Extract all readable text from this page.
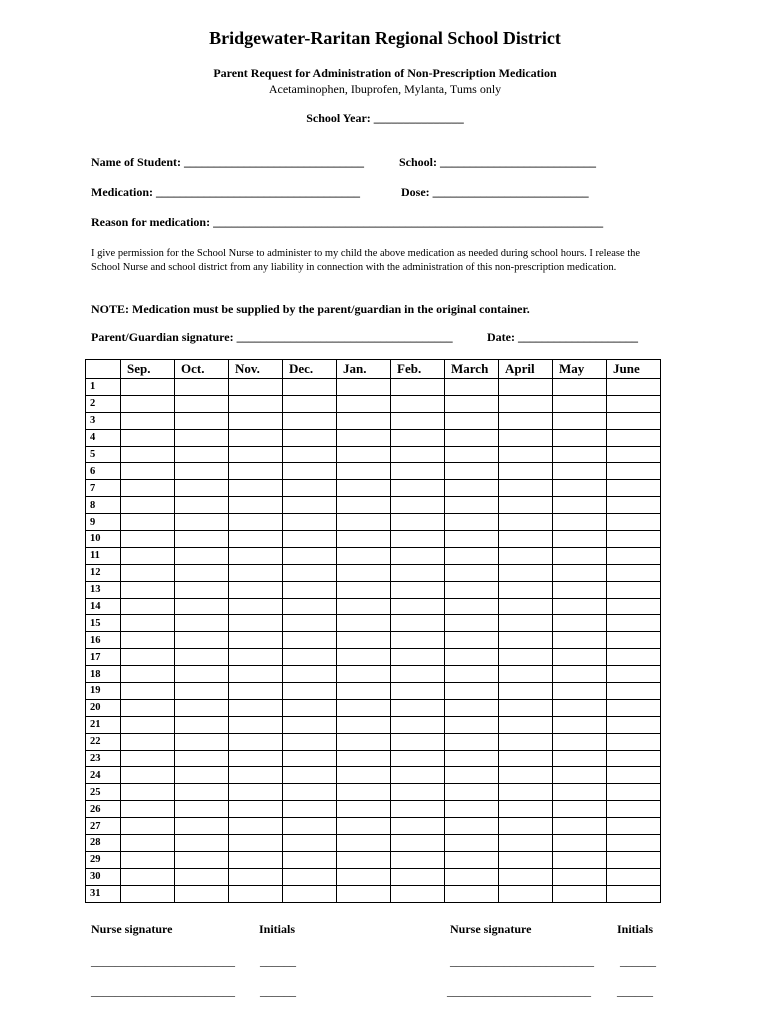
Bridgewater-Raritan Regional School District
Parent Request for Administration of Non-Prescription Medication
Acetaminophen, Ibuprofen, Mylanta, Tums only
School Year: _______________
Name of Student: ______________________________	School: __________________________
Medication: __________________________________	Dose: __________________________
Reason for medication: _________________________________________________________________
I give permission for the School Nurse to administer to my child the above medication as needed during school hours. I release the School Nurse and school district from any liability in connection with the administration of this non-prescription medication.
NOTE: Medication must be supplied by the parent/guardian in the original container.
Parent/Guardian signature: ____________________________________	Date: ____________________
	Sep.	Oct.	Nov.	Dec.	Jan.	Feb.	March	April	May	June
1										
2										
3										
4										
5										
6										
7										
8										
9										
10										
11										
12										
13										
14										
15										
16										
17										
18										
19										
20										
21										
22										
23										
24										
25										
26										
27										
28										
29										
30										
31										
Nurse signature	Initials	Nurse signature	Initials
________________________ ______	________________________ ______
________________________ ______	________________________ ______
